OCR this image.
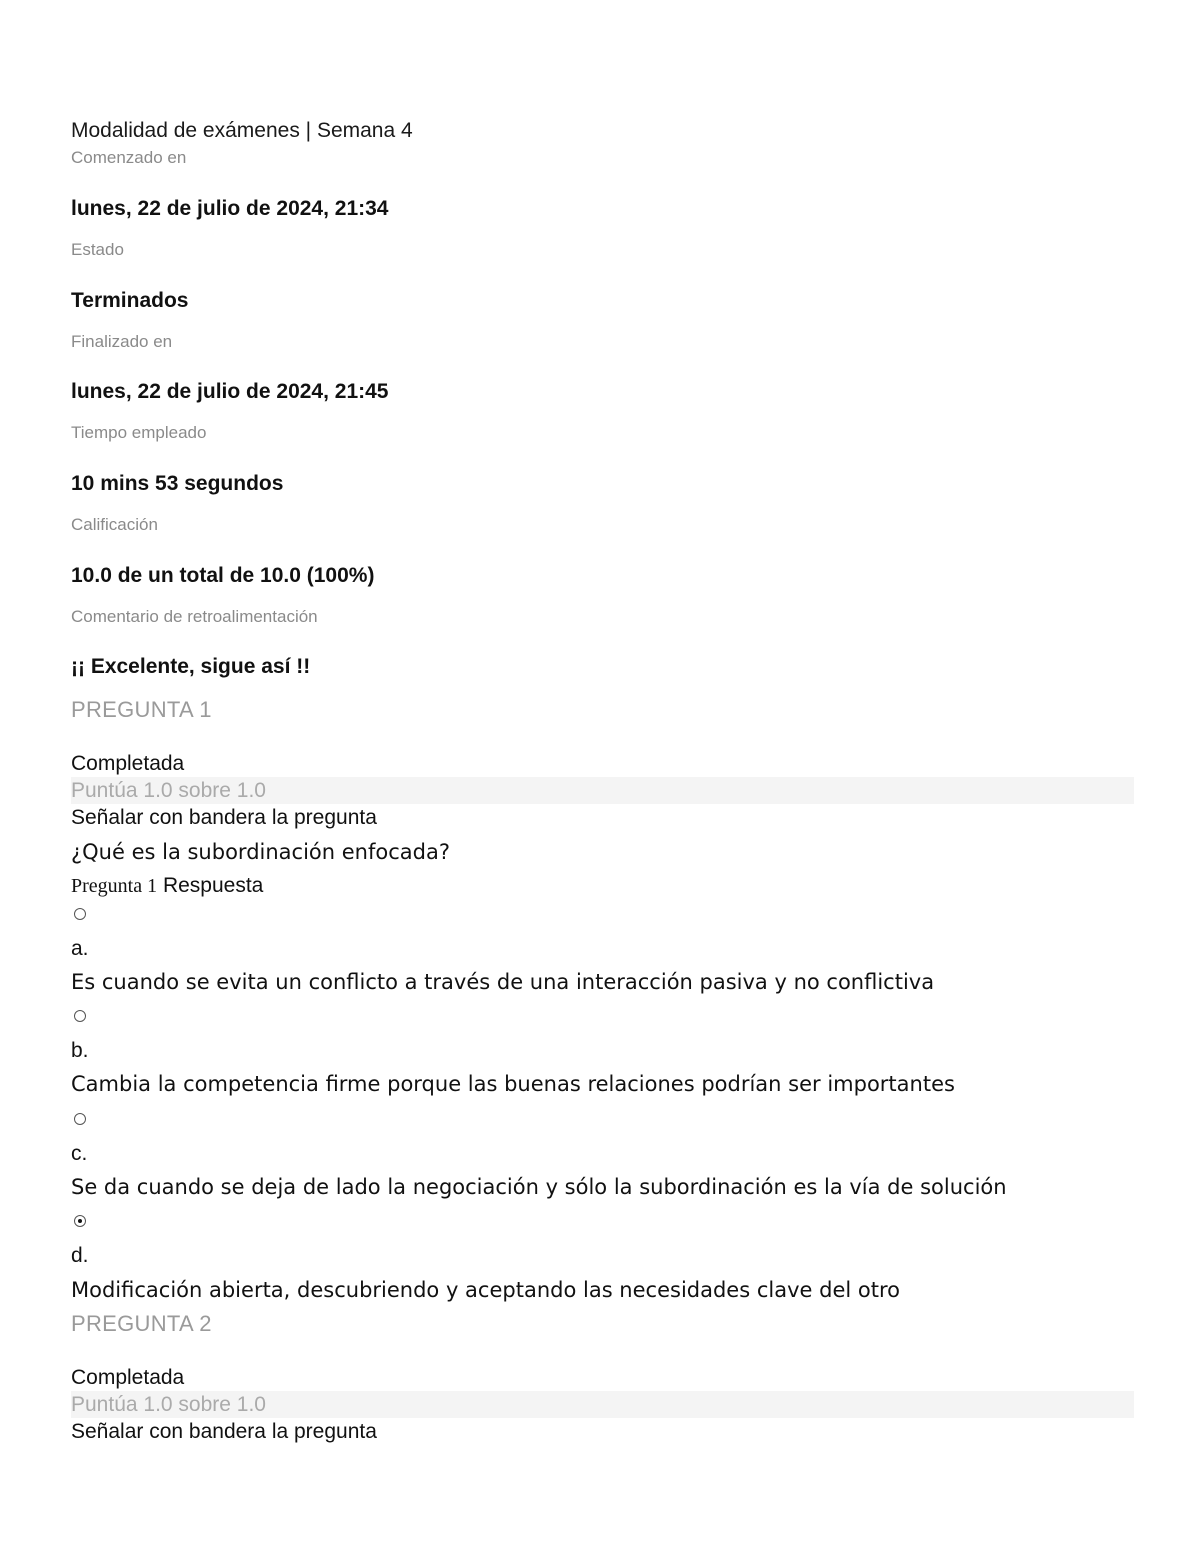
Modalidad de exámenes | Semana 4
Comenzado en
lunes, 22 de julio de 2024, 21:34
Estado
Terminados
Finalizado en
lunes, 22 de julio de 2024, 21:45
Tiempo empleado
10 mins 53 segundos
Calificación
10.0 de un total de 10.0 (100%)
Comentario de retroalimentación
¡¡ Excelente, sigue así !!
PREGUNTA 1
Completada
Puntúa 1.0 sobre 1.0
Señalar con bandera la pregunta
¿Qué es la subordinación enfocada?
Pregunta 1 Respuesta
a.
Es cuando se evita un conflicto a través de una interacción pasiva y no conflictiva
b.
Cambia la competencia firme porque las buenas relaciones podrían ser importantes
c.
Se da cuando se deja de lado la negociación y sólo la subordinación es la vía de solución
d.
Modificación abierta, descubriendo y aceptando las necesidades clave del otro
PREGUNTA 2
Completada
Puntúa 1.0 sobre 1.0
Señalar con bandera la pregunta
